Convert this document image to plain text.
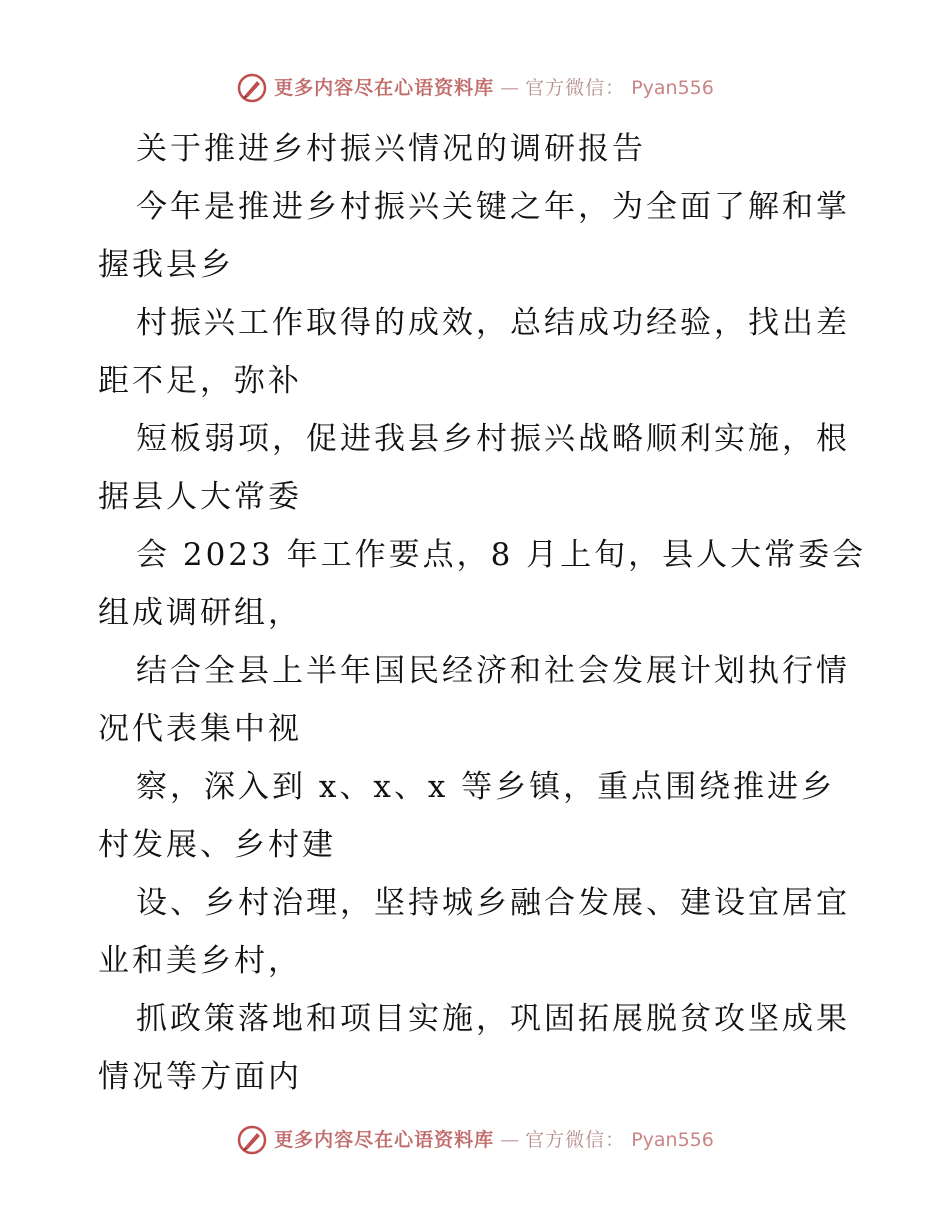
更多内容尽在心语资料库 — 官方微信： Pyan556
关于推进乡村振兴情况的调研报告

今年是推进乡村振兴关键之年，为全面了解和掌
握我县乡

村振兴工作取得的成效，总结成功经验，找出差
距不足，弥补

短板弱项，促进我县乡村振兴战略顺利实施，根
据县人大常委

会 2023 年工作要点，8 月上旬，县人大常委会
组成调研组，

结合全县上半年国民经济和社会发展计划执行情
况代表集中视

察，深入到 x、x、x 等乡镇，重点围绕推进乡
村发展、乡村建

设、乡村治理，坚持城乡融合发展、建设宜居宜
业和美乡村，

抓政策落地和项目实施，巩固拓展脱贫攻坚成果
情况等方面内

更多内容尽在心语资料库 — 官方微信： Pyan556
